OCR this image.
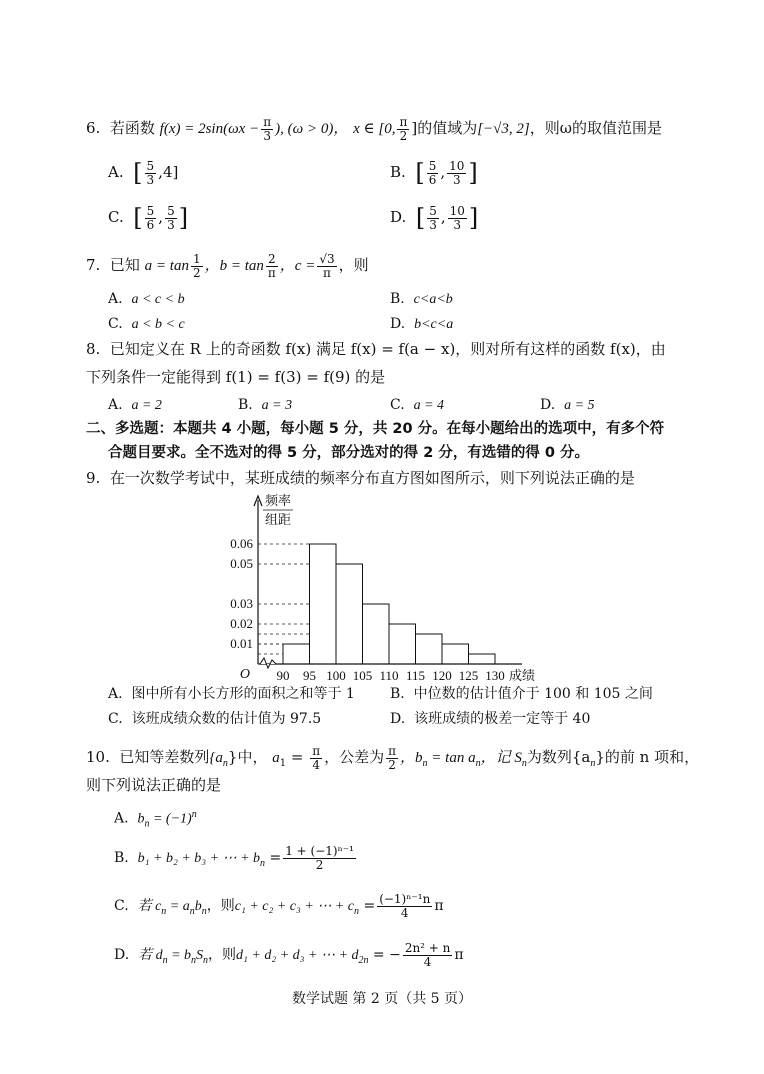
6. 若函数 $f(x) = 2\sin(\omega x - \frac{\pi}{3}$ ), (ω > 0)， x ∈ [0, $\frac{\pi}{2}$ ]的值域为[−√3, 2]，则ω的取值范围是
A. [ $\frac{5}{3} ,4$]	B. [ $\frac{5}{6}$ , $\frac{10}{3}$ ]
C. [ $\frac{5}{6}$ , $\frac{5}{3}$ ]	D. [ $\frac{5}{3}$ , $\frac{10}{3}$ ]
7. 已知 $a = \tan \frac{1}{2}$ ，$b = \tan \frac{2}{\pi}$ ，$c = \frac{√3}{\pi}$ ，则
A. a < c < b	B. c<a<b
C. a < b < c	D. b<c<a
8. 已知定义在 R 上的奇函数 f(x) 满足 f(x) = f(a − x)，则对所有这样的函数 f(x)，由
下列条件一定能得到 f(1) = f(3) = f(9) 的是
A. a = 2	B. a = 3	C. a = 4	D. a = 5
二、多选题：本题共 4 小题，每小题 5 分，共 20 分。在每小题给出的选项中，有多个符
合题目要求。全不选对的得 5 分，部分选对的得 2 分，有选错的得 0 分。
9. 在一次数学考试中，某班成绩的频率分布直方图如图所示，则下列说法正确的是
0.01
0.02
0.03
0.05
0.06
90 95 100 105 110 115 120 125 130 成绩
O
频率
组距
A. 图中所有小长方形的面积之和等于 1	B. 中位数的估计值介于 100 和 105 之间
C. 该班成绩众数的估计值为 97.5	D. 该班成绩的极差一定等于 40
10. 已知等差数列$\{a_n\}$中， $a_1 = \frac{\pi}{4}$ ，公差为 $\frac{\pi}{2}$ ，$b_n = \tan a_n$，记 $S_n$为数列$\{a_n\}$的前 n 项和，
则下列说法正确的是
A. $b_n = (-1)^n$
B. b₁ + b₂ + b₃ + ⋯ + $b_n = \frac{\text{1 + (−1)ⁿ⁻¹}}{2}$
C. 若 $c_n = a_nb_n$，则c₁ + c₂ + c₃ + ⋯ + $c_n = \frac{\text{(−1)ⁿ⁻¹n}}{4}$ π
D. 若 $d_n = b_nS_n$，则d₁ + d₂ + d₃ + ⋯ + $d_{2n}$ = − $\frac{\text{2n² + n}}{4}$ π
数学试题 第 2 页（共 5 页）
